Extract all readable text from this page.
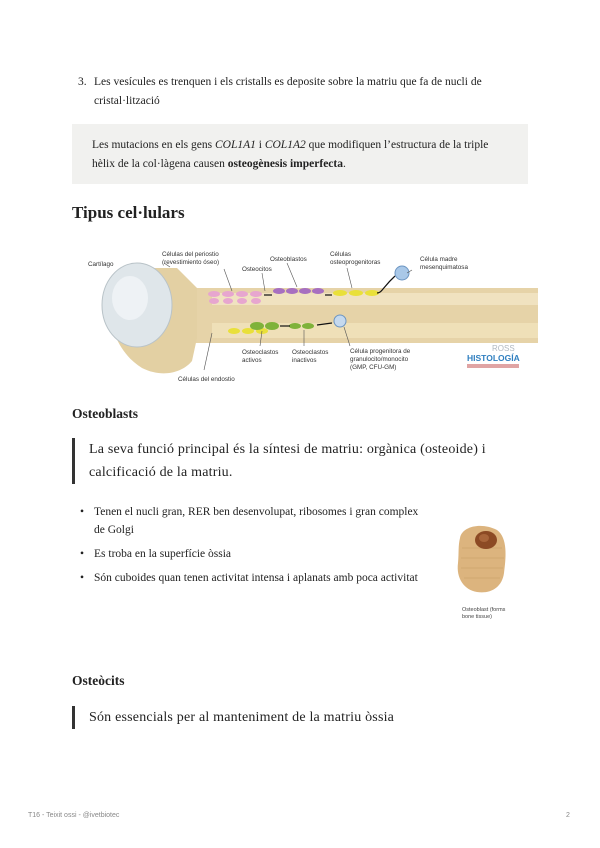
3. Les vesícules es trenquen i els cristalls es deposite sobre la matriu que fa de nucli de cristal·lització
Les mutacions en els gens COL1A1 i COL1A2 que modifiquen l’estructura de la triple hèlix de la col·làgena causen osteogènesis imperfecta.
Tipus cel·lulars
Cartílago
Células del periostio
(revestimiento óseo)
Osteocitos
Osteoblastos
Células
osteoprogenitoras	Célula madre
mesenquimatosa
Osteoclastos
activos
Osteoclastos
inactivos
Célula progenitora de
granulocito/monocito
(GMP, CFU-GM)
Células del endostio
ROSS
HISTOLOGÍA
Osteoblasts
La seva funció principal és la síntesi de matriu: orgànica (osteoide) i calcificació de la matriu.
• Tenen el nucli gran, RER ben desenvolupat, ribosomes i gran complex de Golgi
• Es troba en la superfície òssia
• Són cuboides quan tenen activitat intensa i aplanats amb poca activitat
Osteoblast (forms bone tissue)
Osteòcits
Són essencials per al manteniment de la matriu òssia
T16 - Teixit ossi - @ivetbiotec	2
